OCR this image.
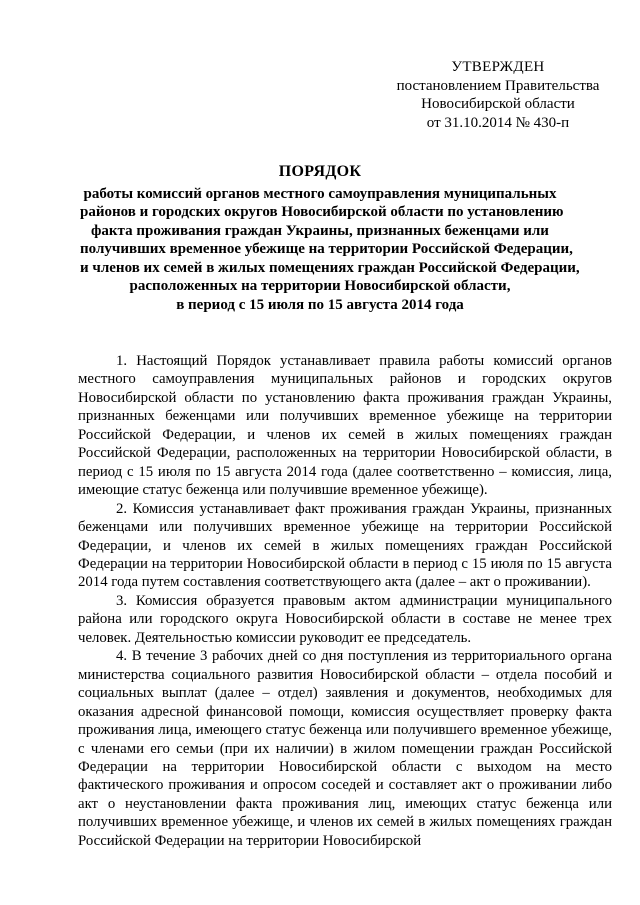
УТВЕРЖДЕН
постановлением Правительства
Новосибирской области
от 31.10.2014 № 430-п
ПОРЯДОК
работы комиссий органов местного самоуправления муниципальных
районов и городских округов Новосибирской области по установлению
факта проживания граждан Украины, признанных беженцами или
получивших временное убежище на территории Российской Федерации,
и членов их семей в жилых помещениях граждан Российской Федерации,
расположенных на территории Новосибирской области,
в период с 15 июля по 15 августа 2014 года

1. Настоящий Порядок устанавливает правила работы комиссий органов местного самоуправления муниципальных районов и городских округов Новосибирской области по установлению факта проживания граждан Украины, признанных беженцами или получивших временное убежище на территории Российской Федерации, и членов их семей в жилых помещениях граждан Российской Федерации, расположенных на территории Новосибирской области, в период с 15 июля по 15 августа 2014 года (далее соответственно – комиссия, лица, имеющие статус беженца или получившие временное убежище).

2. Комиссия устанавливает факт проживания граждан Украины, признанных беженцами или получивших временное убежище на территории Российской Федерации, и членов их семей в жилых помещениях граждан Российской Федерации на территории Новосибирской области в период с 15 июля по 15 августа 2014 года путем составления соответствующего акта (далее – акт о проживании).

3. Комиссия образуется правовым актом администрации муниципального района или городского округа Новосибирской области в составе не менее трех человек. Деятельностью комиссии руководит ее председатель.

4. В течение 3 рабочих дней со дня поступления из территориального органа министерства социального развития Новосибирской области – отдела пособий и социальных выплат (далее – отдел) заявления и документов, необходимых для оказания адресной финансовой помощи, комиссия осуществляет проверку факта проживания лица, имеющего статус беженца или получившего временное убежище, с членами его семьи (при их наличии) в жилом помещении граждан Российской Федерации на территории Новосибирской области с выходом на место фактического проживания и опросом соседей и составляет акт о проживании либо акт о неустановлении факта проживания лиц, имеющих статус беженца или получивших временное убежище, и членов их семей в жилых помещениях граждан Российской Федерации на территории Новосибирской
